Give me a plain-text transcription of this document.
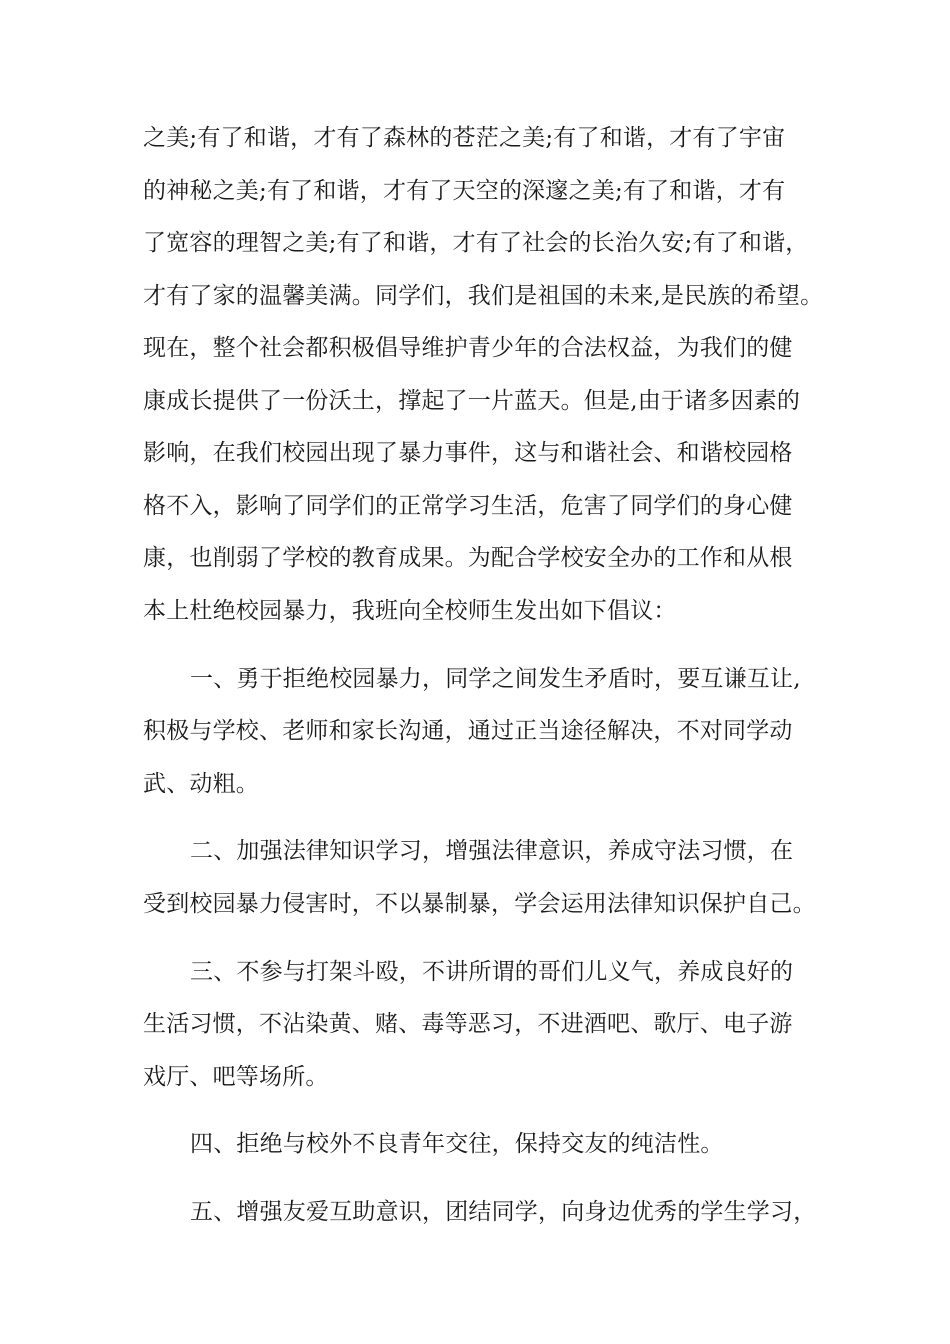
之美;有了和谐，才有了森林的苍茫之美;有了和谐，才有了宇宙
的神秘之美;有了和谐，才有了天空的深邃之美;有了和谐，才有
了宽容的理智之美;有了和谐，才有了社会的长治久安;有了和谐，
才有了家的温馨美满。同学们，我们是祖国的未来,是民族的希望。
现在，整个社会都积极倡导维护青少年的合法权益，为我们的健
康成长提供了一份沃土，撑起了一片蓝天。但是,由于诸多因素的
影响，在我们校园出现了暴力事件，这与和谐社会、和谐校园格
格不入，影响了同学们的正常学习生活，危害了同学们的身心健
康，也削弱了学校的教育成果。为配合学校安全办的工作和从根
本上杜绝校园暴力，我班向全校师生发出如下倡议：
一、勇于拒绝校园暴力，同学之间发生矛盾时，要互谦互让,
积极与学校、老师和家长沟通，通过正当途径解决，不对同学动
武、动粗。
二、加强法律知识学习，增强法律意识，养成守法习惯，在
受到校园暴力侵害时，不以暴制暴，学会运用法律知识保护自己。
三、不参与打架斗殴，不讲所谓的哥们儿义气，养成良好的
生活习惯，不沾染黄、赌、毒等恶习，不进酒吧、歌厅、电子游
戏厅、吧等场所。
四、拒绝与校外不良青年交往，保持交友的纯洁性。
五、增强友爱互助意识，团结同学，向身边优秀的学生学习，
